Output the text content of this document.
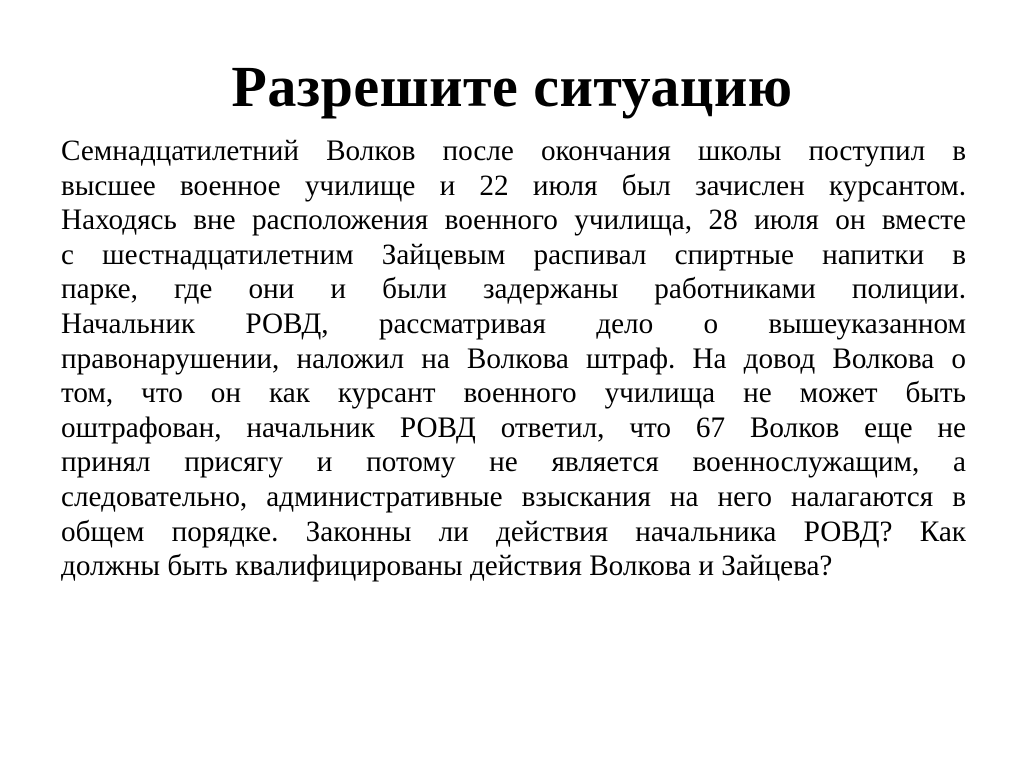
Разрешите ситуацию
Семнадцатилетний Волков после окончания школы поступил в
высшее военное училище и 22 июля был зачислен курсантом.
Находясь вне расположения военного училища, 28 июля он вместе
с шестнадцатилетним Зайцевым распивал спиртные напитки в
парке, где они и были задержаны работниками полиции.
Начальник РОВД, рассматривая дело о вышеуказанном
правонарушении, наложил на Волкова штраф. На довод Волкова о
том, что он как курсант военного училища не может быть
оштрафован, начальник РОВД ответил, что 67 Волков еще не
принял присягу и потому не является военнослужащим, а
следовательно, административные взыскания на него налагаются в
общем порядке. Законны ли действия начальника РОВД? Как
должны быть квалифицированы действия Волкова и Зайцева?
